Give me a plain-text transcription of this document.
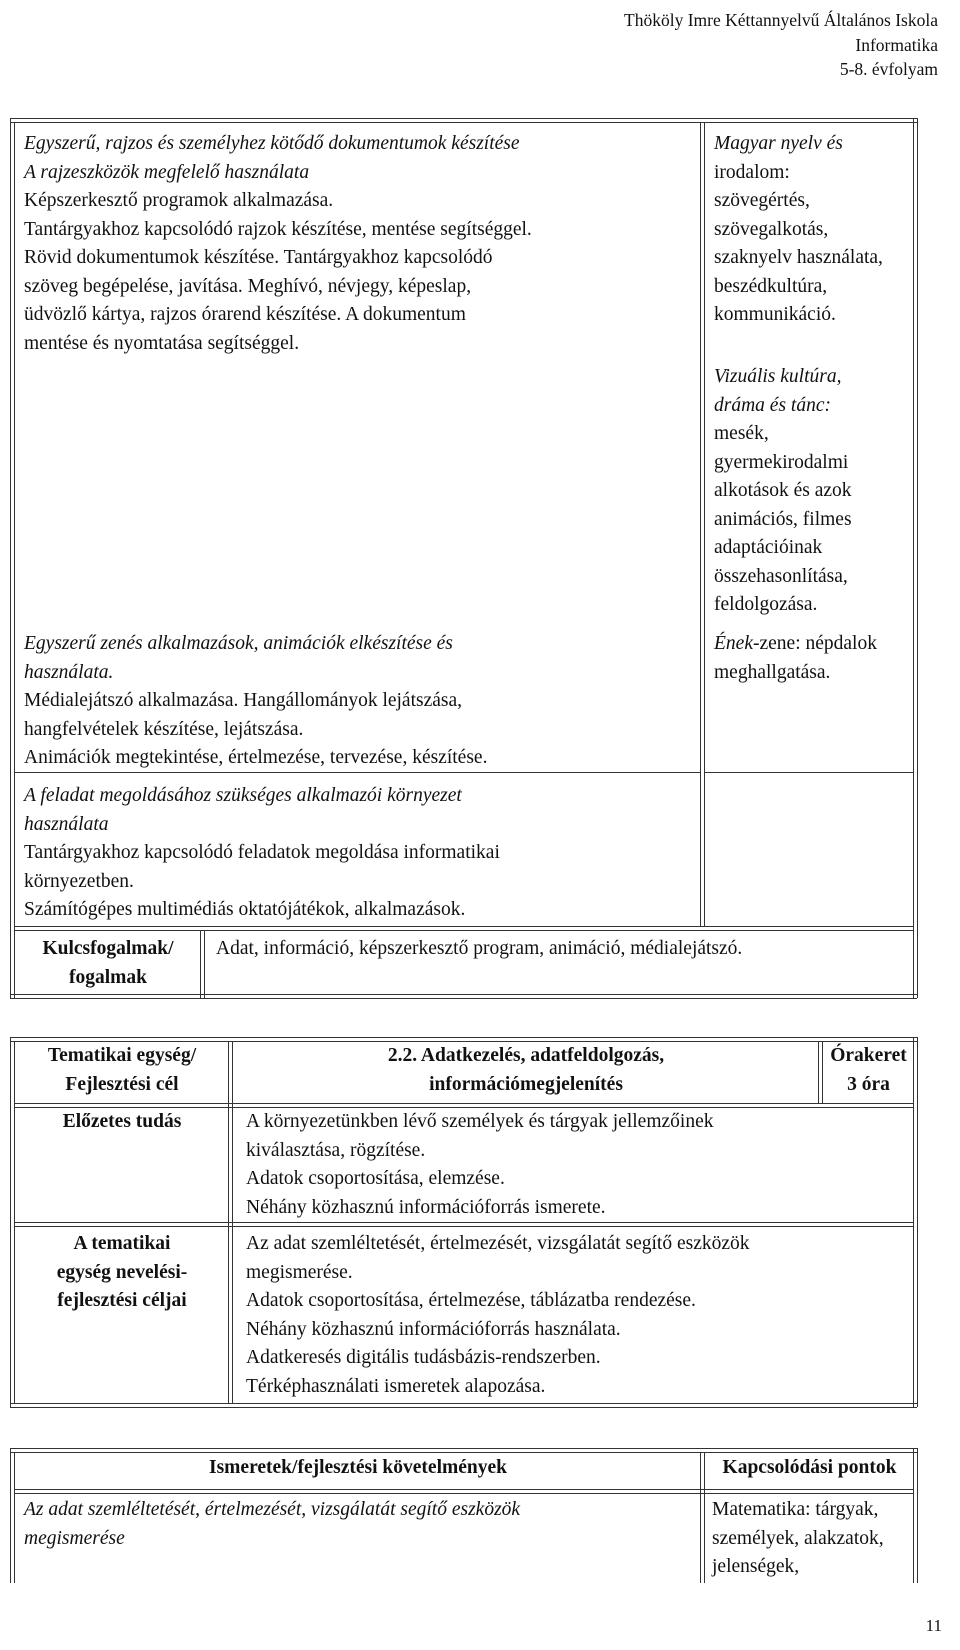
Thököly Imre Kéttannyelvű Általános Iskola
Informatika
5-8. évfolyam
Egyszerű, rajzos és személyhez kötődő dokumentumok készítése
A rajzeszközök megfelelő használata
Képszerkesztő programok alkalmazása.
Tantárgyakhoz kapcsolódó rajzok készítése, mentése segítséggel.
Rövid dokumentumok készítése. Tantárgyakhoz kapcsolódó
szöveg begépelése, javítása. Meghívó, névjegy, képeslap,
üdvözlő kártya, rajzos órarend készítése. A dokumentum
mentése és nyomtatása segítséggel.
Egyszerű zenés alkalmazások, animációk elkészítése és
használata.
Médialejátszó alkalmazása. Hangállományok lejátszása,
hangfelvételek készítése, lejátszása.
Animációk megtekintése, értelmezése, tervezése, készítése.
A feladat megoldásához szükséges alkalmazói környezet
használata
Tantárgyakhoz kapcsolódó feladatok megoldása informatikai
környezetben.
Számítógépes multimédiás oktatójátékok, alkalmazások.
Magyar nyelv és
irodalom:
szövegértés,
szövegalkotás,
szaknyelv használata,
beszédkultúra,
kommunikáció.
Vizuális kultúra,
dráma és tánc:
mesék,
gyermekirodalmi
alkotások és azok
animációs, filmes
adaptációinak
összehasonlítása,
feldolgozása.
Ének-zene: népdalok
meghallgatása.
Kulcsfogalmak/
fogalmak
Adat, információ, képszerkesztő program, animáció, médialejátszó.
Tematikai egység/
Fejlesztési cél
2.2. Adatkezelés, adatfeldolgozás,
információmegjelenítés
Órakeret
3 óra
Előzetes tudás	A környezetünkben lévő személyek és tárgyak jellemzőinek
kiválasztása, rögzítése.
Adatok csoportosítása, elemzése.
Néhány közhasznú információforrás ismerete.
A tematikai
egység nevelési-
fejlesztési céljai
Az adat szemléltetését, értelmezését, vizsgálatát segítő eszközök
megismerése.
Adatok csoportosítása, értelmezése, táblázatba rendezése.
Néhány közhasznú információforrás használata.
Adatkeresés digitális tudásbázis-rendszerben.
Térképhasználati ismeretek alapozása.
Ismeretek/fejlesztési követelmények	Kapcsolódási pontok
Az adat szemléltetését, értelmezését, vizsgálatát segítő eszközök
megismerése
Matematika: tárgyak,
személyek, alakzatok,
jelenségek,
11
